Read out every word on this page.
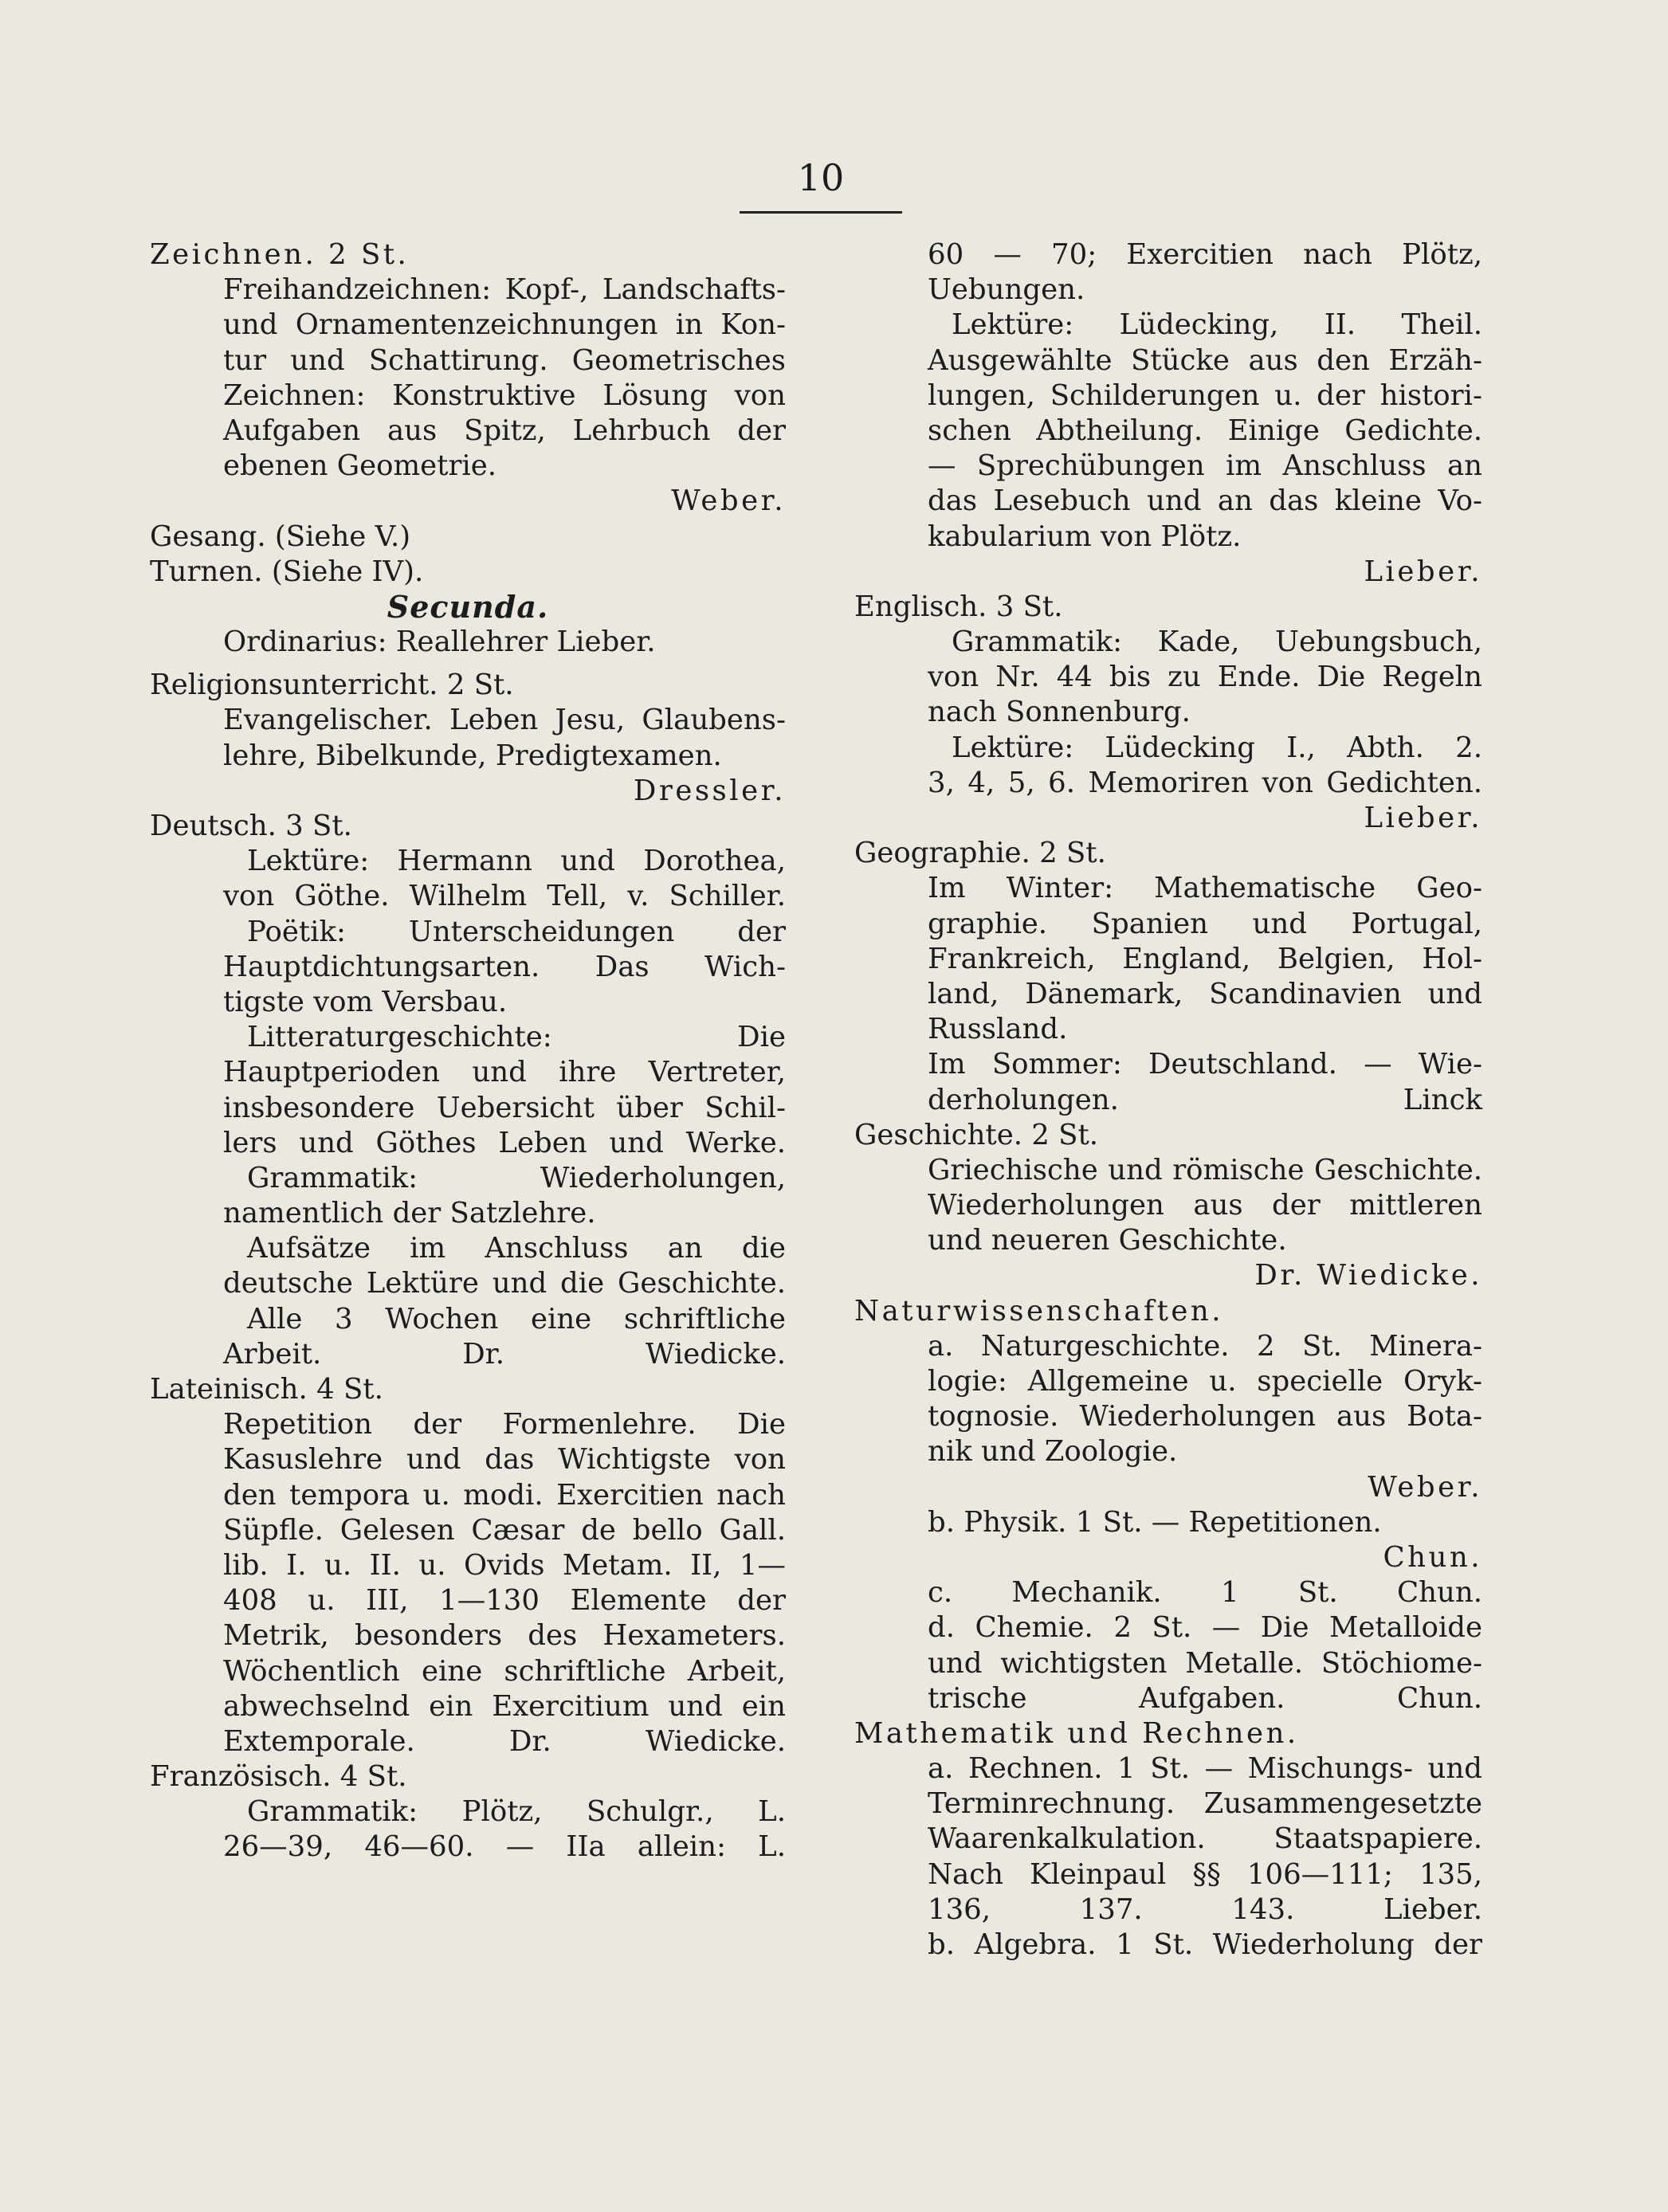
10
Zeichnen. 2 St.
Freihandzeichnen: Kopf-, Landschafts-
und Ornamentenzeichnungen in Kon-
tur und Schattirung. Geometrisches
Zeichnen: Konstruktive Lösung von
Aufgaben aus Spitz, Lehrbuch der
ebenen Geometrie.
Weber.
Gesang. (Siehe V.)
Turnen. (Siehe IV).
Secunda.
Ordinarius: Reallehrer Lieber.
Religionsunterricht. 2 St.
Evangelischer. Leben Jesu, Glaubens-
lehre, Bibelkunde, Predigtexamen.
Dressler.
Deutsch. 3 St.
Lektüre: Hermann und Dorothea,
von Göthe. Wilhelm Tell, v. Schiller.
Poëtik: Unterscheidungen der
Hauptdichtungsarten. Das Wich-
tigste vom Versbau.
Litteraturgeschichte: Die
Hauptperioden und ihre Vertreter,
insbesondere Uebersicht über Schil-
lers und Göthes Leben und Werke.
Grammatik: Wiederholungen,
namentlich der Satzlehre.
Aufsätze im Anschluss an die
deutsche Lektüre und die Geschichte.
Alle 3 Wochen eine schriftliche
Arbeit. Dr. Wiedicke.
Lateinisch. 4 St.
Repetition der Formenlehre. Die
Kasuslehre und das Wichtigste von
den tempora u. modi. Exercitien nach
Süpfle. Gelesen Cæsar de bello Gall.
lib. I. u. II. u. Ovids Metam. II, 1—
408 u. III, 1—130 Elemente der
Metrik, besonders des Hexameters.
Wöchentlich eine schriftliche Arbeit,
abwechselnd ein Exercitium und ein
Extemporale. Dr. Wiedicke.
Französisch. 4 St.
Grammatik: Plötz, Schulgr., L.
26—39, 46—60. — IIa allein: L.
60 — 70; Exercitien nach Plötz,
Uebungen.
Lektüre: Lüdecking, II. Theil.
Ausgewählte Stücke aus den Erzäh-
lungen, Schilderungen u. der histori-
schen Abtheilung. Einige Gedichte.
— Sprechübungen im Anschluss an
das Lesebuch und an das kleine Vo-
kabularium von Plötz.
Lieber.
Englisch. 3 St.
Grammatik: Kade, Uebungsbuch,
von Nr. 44 bis zu Ende. Die Regeln
nach Sonnenburg.
Lektüre: Lüdecking I., Abth. 2.
3, 4, 5, 6. Memoriren von Gedichten.
Lieber.
Geographie. 2 St.
Im Winter: Mathematische Geo-
graphie. Spanien und Portugal,
Frankreich, England, Belgien, Hol-
land, Dänemark, Scandinavien und
Russland.
Im Sommer: Deutschland. — Wie-
derholungen. Linck
Geschichte. 2 St.
Griechische und römische Geschichte.
Wiederholungen aus der mittleren
und neueren Geschichte.
Dr. Wiedicke.
Naturwissenschaften.
a. Naturgeschichte. 2 St. Minera-
logie: Allgemeine u. specielle Oryk-
tognosie. Wiederholungen aus Bota-
nik und Zoologie.
Weber.
b. Physik. 1 St. — Repetitionen.
Chun.
c. Mechanik. 1 St. Chun.
d. Chemie. 2 St. — Die Metalloide
und wichtigsten Metalle. Stöchiome-
trische Aufgaben. Chun.
Mathematik und Rechnen.
a. Rechnen. 1 St. — Mischungs- und
Terminrechnung. Zusammengesetzte
Waarenkalkulation. Staatspapiere.
Nach Kleinpaul §§ 106—111; 135,
136, 137. 143. Lieber.
b. Algebra. 1 St. Wiederholung der
